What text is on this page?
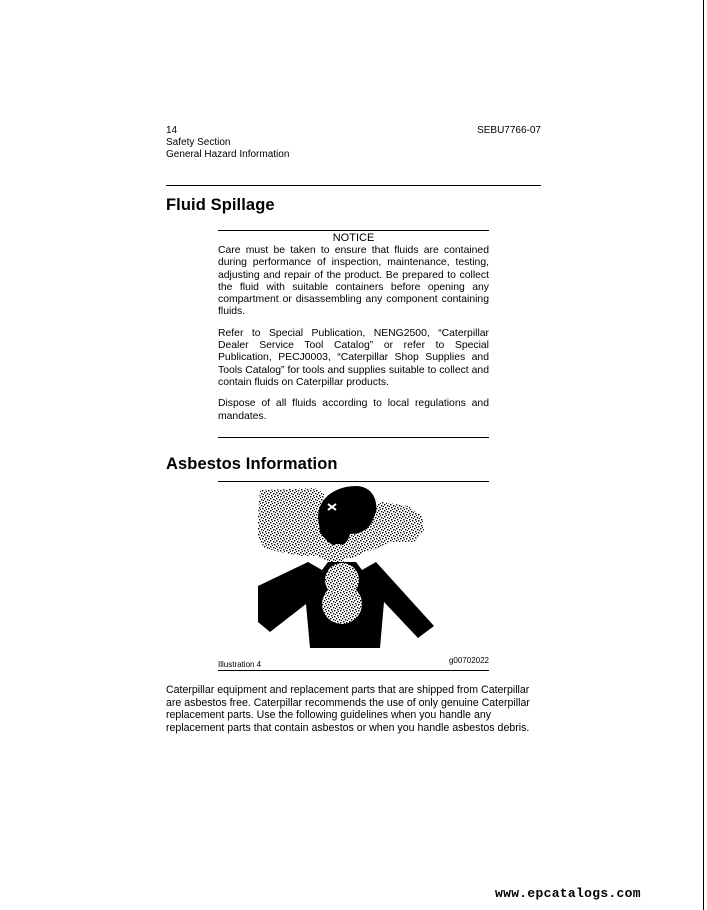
14
Safety Section
General Hazard Information
SEBU7766-07
Fluid Spillage
NOTICE

Care must be taken to ensure that fluids are contained during performance of inspection, maintenance, testing, adjusting and repair of the product. Be prepared to collect the fluid with suitable containers before opening any compartment or disassembling any component containing fluids.

Refer to Special Publication, NENG2500, “Caterpillar Dealer Service Tool Catalog” or refer to Special Publication, PECJ0003, “Caterpillar Shop Supplies and Tools Catalog” for tools and supplies suitable to collect and contain fluids on Caterpillar products.

Dispose of all fluids according to local regulations and mandates.

Asbestos Information
Illustration 4	g00702022
Caterpillar equipment and replacement parts that are shipped from Caterpillar are asbestos free. Caterpillar recommends the use of only genuine Caterpillar replacement parts. Use the following guidelines when you handle any replacement parts that contain asbestos or when you handle asbestos debris.
www.epcatalogs.com
